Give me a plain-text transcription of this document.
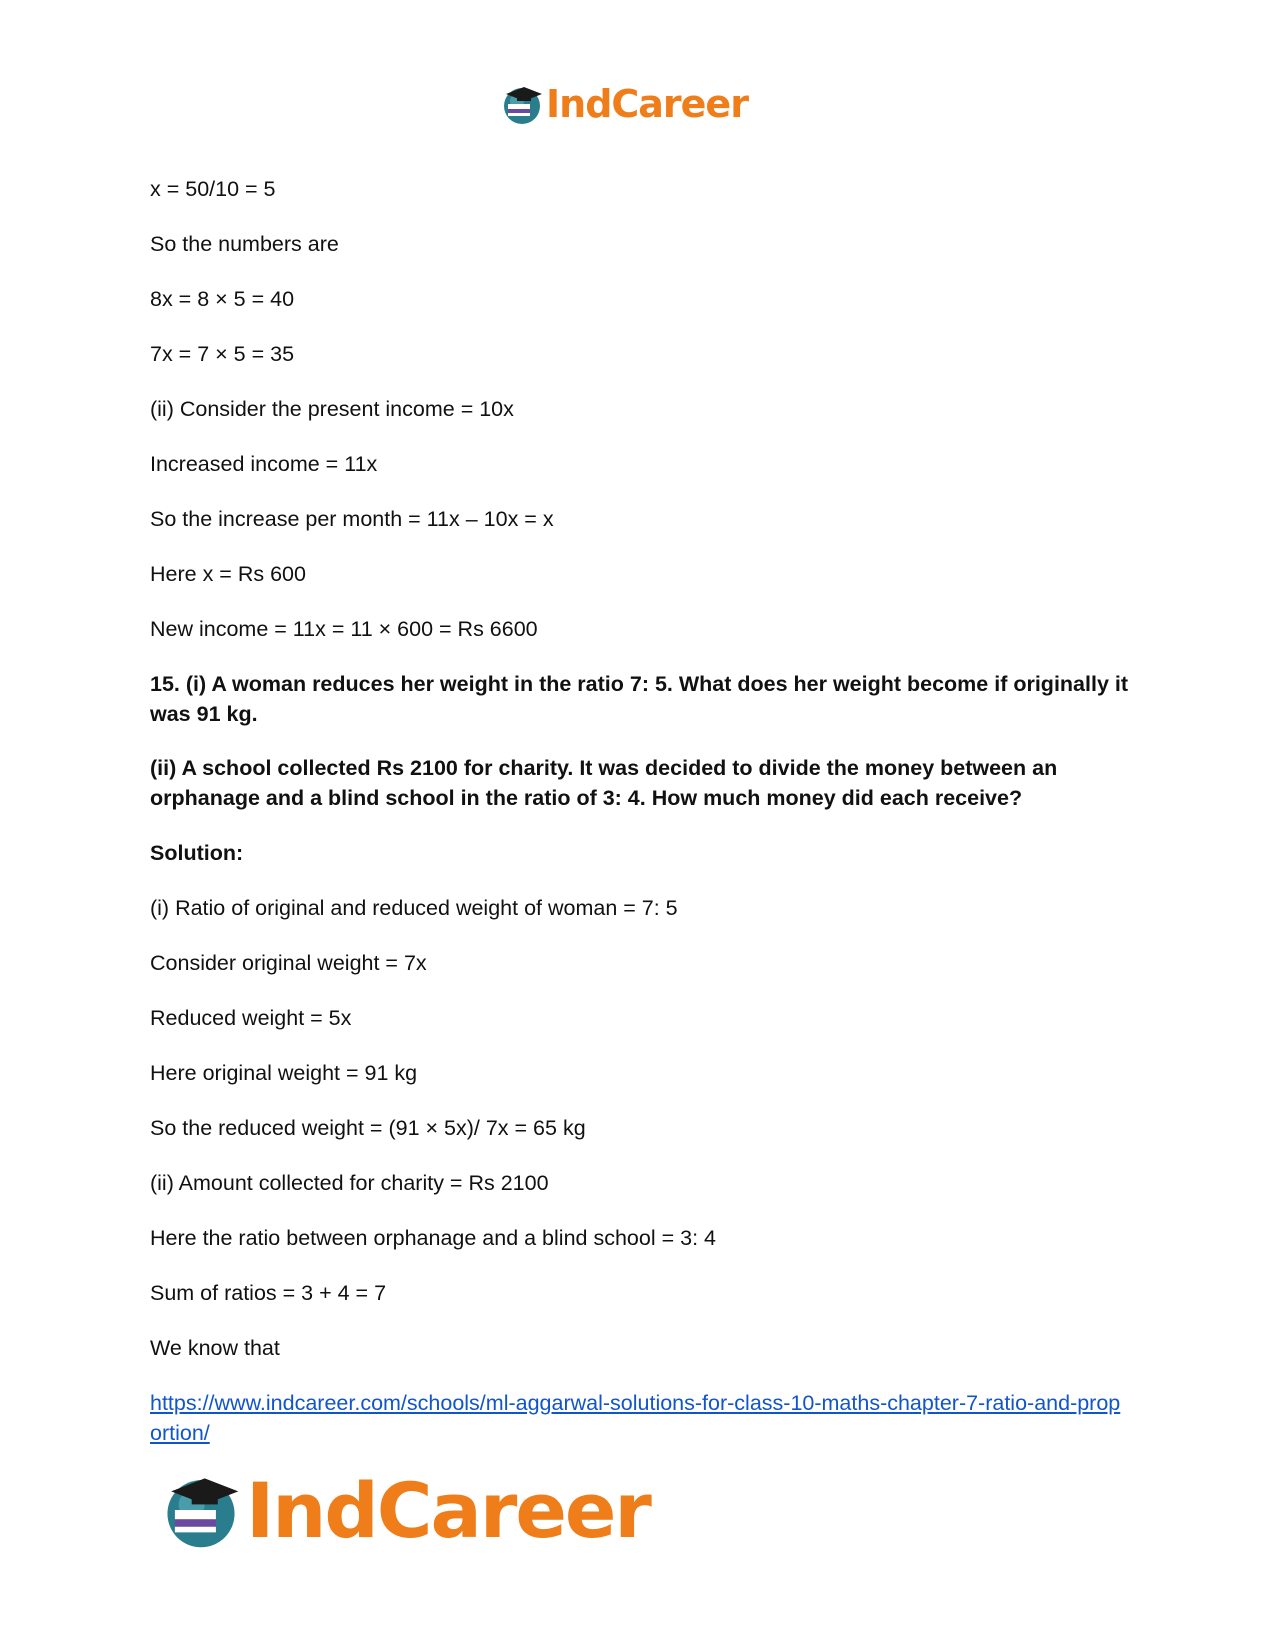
IndCareer

x = 50/10 = 5

So the numbers are

8x = 8 × 5 = 40

7x = 7 × 5 = 35

(ii) Consider the present income = 10x

Increased income = 11x

So the increase per month = 11x – 10x = x

Here x = Rs 600

New income = 11x = 11 × 600 = Rs 6600

15. (i) A woman reduces her weight in the ratio 7: 5. What does her weight become if originally it was 91 kg.

(ii) A school collected Rs 2100 for charity. It was decided to divide the money between an orphanage and a blind school in the ratio of 3: 4. How much money did each receive?

Solution:

(i) Ratio of original and reduced weight of woman = 7: 5

Consider original weight = 7x

Reduced weight = 5x

Here original weight = 91 kg

So the reduced weight = (91 × 5x)/ 7x = 65 kg

(ii) Amount collected for charity = Rs 2100

Here the ratio between orphanage and a blind school = 3: 4

Sum of ratios = 3 + 4 = 7

We know that

https://www.indcareer.com/schools/ml-aggarwal-solutions-for-class-10-maths-chapter-7-ratio-and-proportion/
IndCareer
